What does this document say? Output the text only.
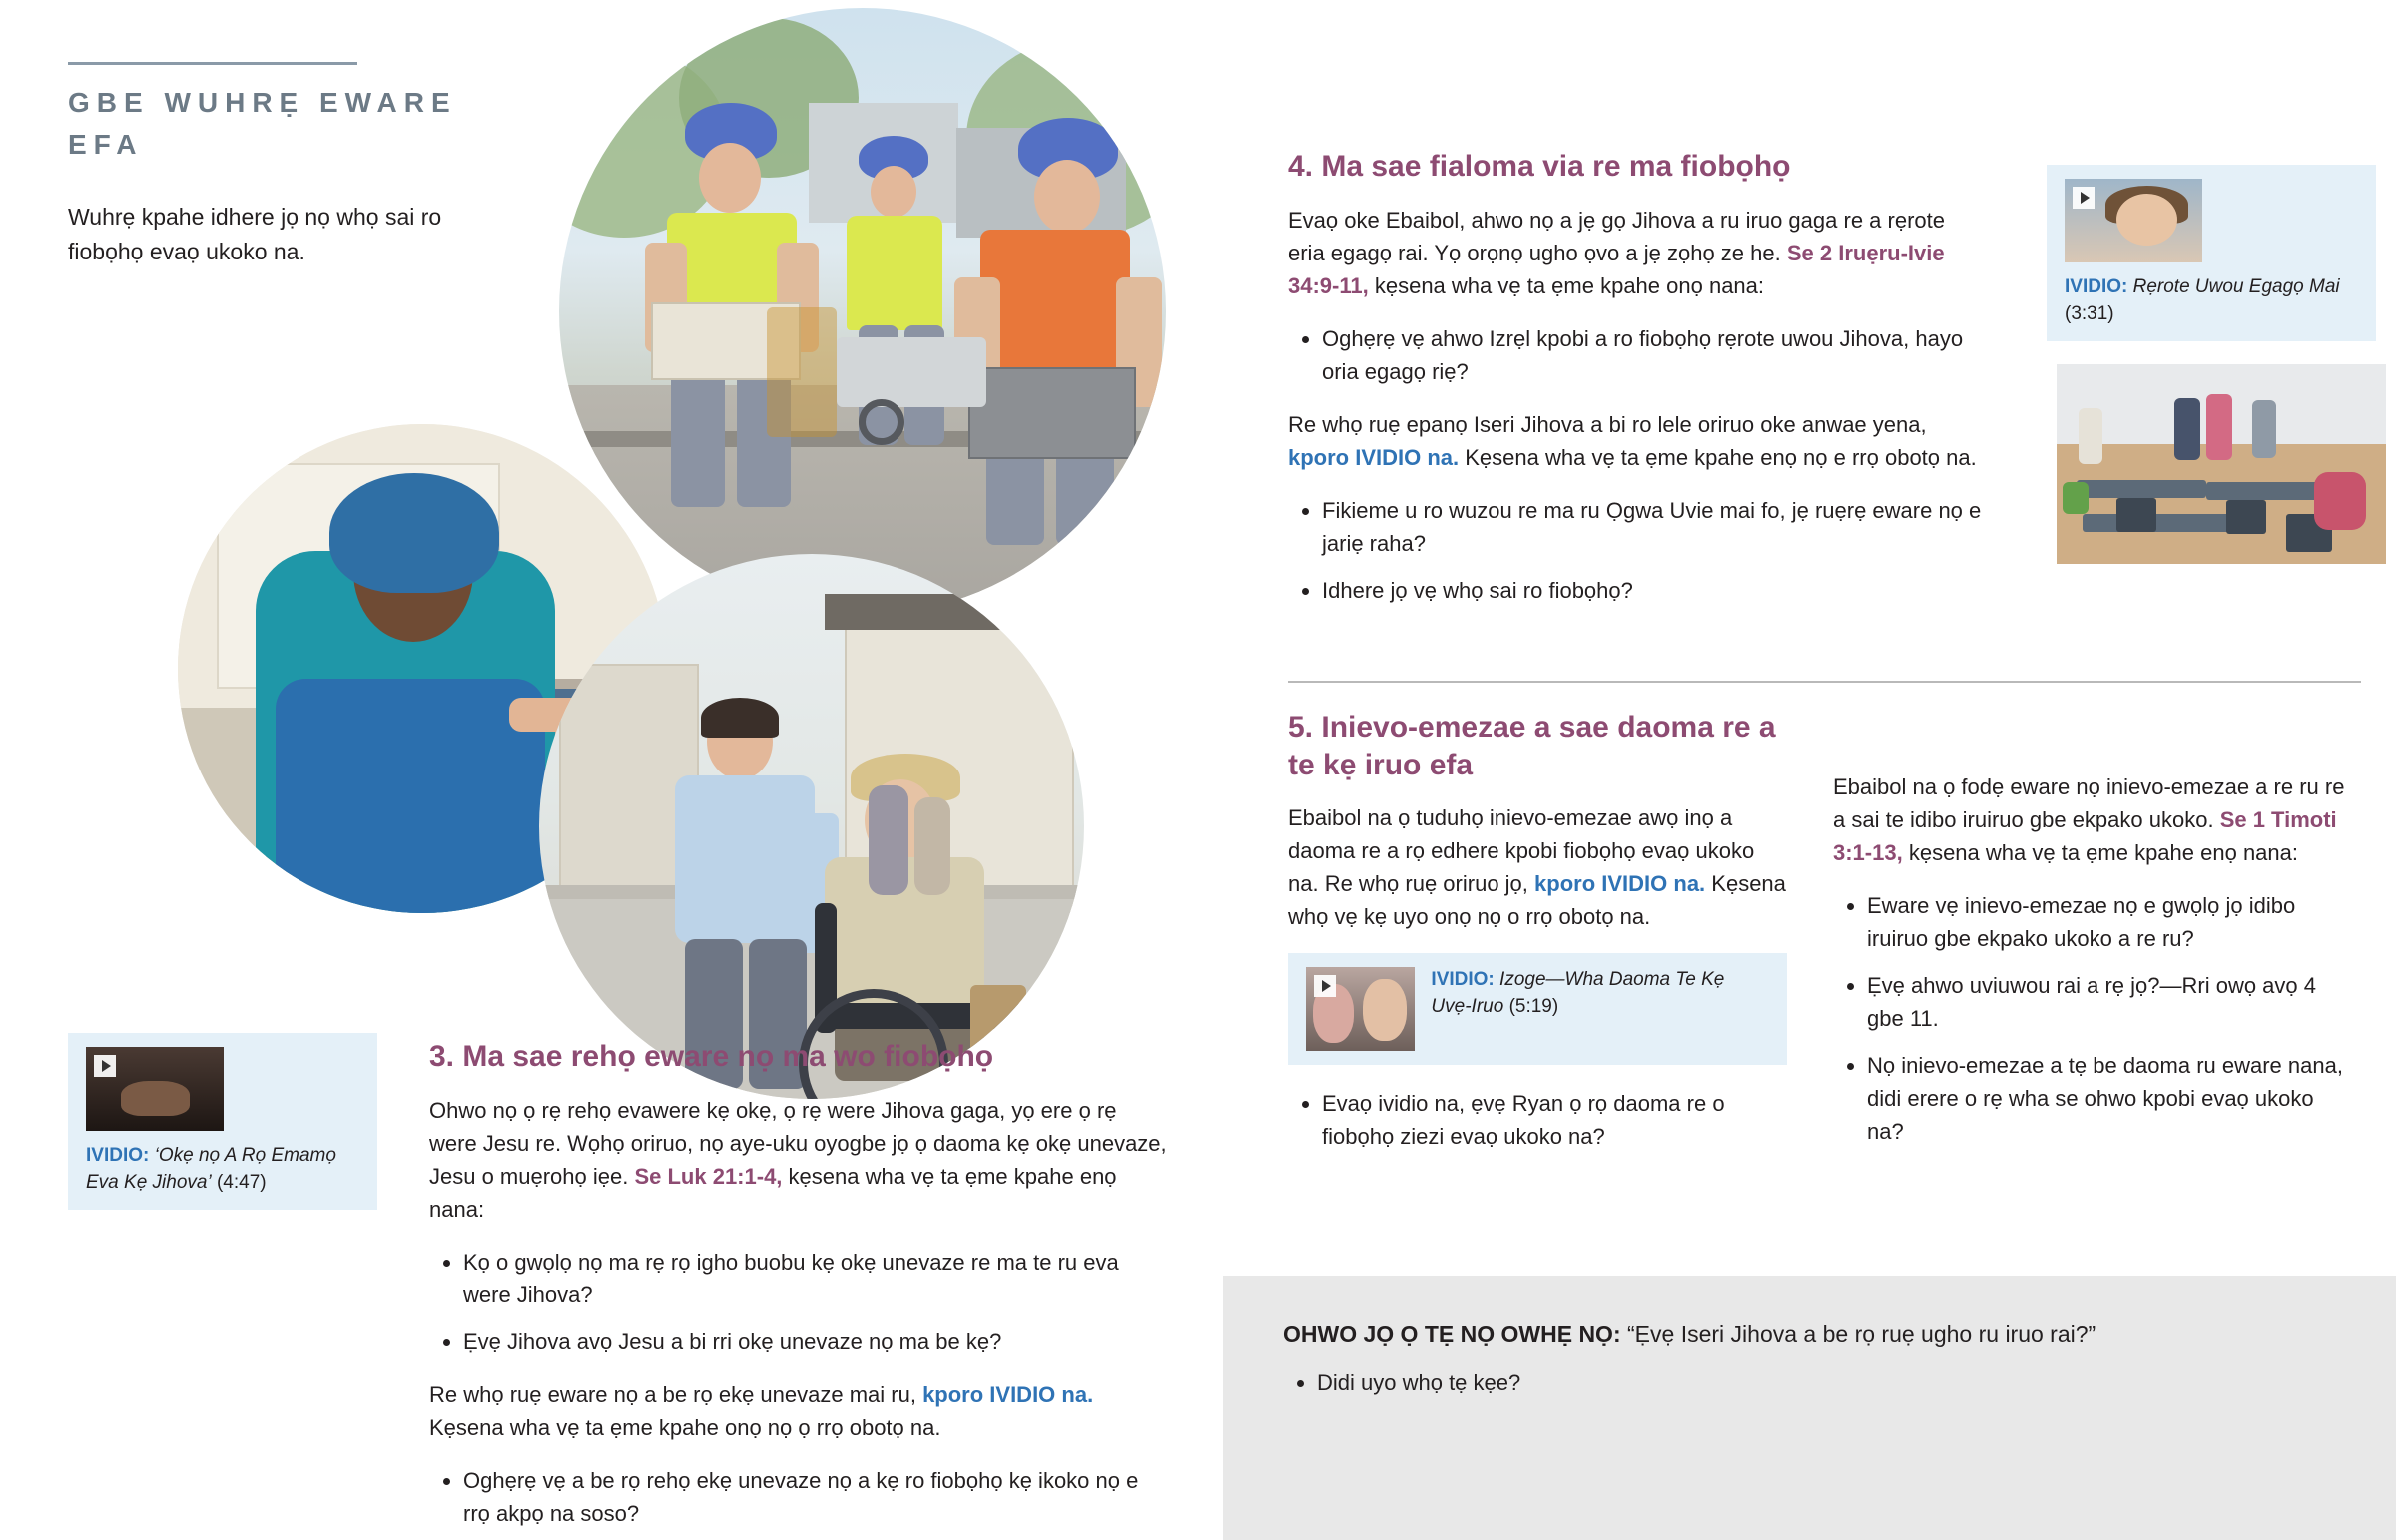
GBE WUHRẸ EWARE EFA
Wuhrẹ kpahe idhere jọ nọ whọ sai ro fiobọhọ evaọ ukoko na.
IVIDIO: ‘Okẹ nọ A Rọ Emamọ Eva Kẹ Jihova’ (4:47)
3. Ma sae rehọ eware nọ ma wo fiobọhọ

Ohwo nọ ọ rẹ rehọ evawere kẹ okẹ, ọ rẹ were Jihova gaga, yọ ere ọ rẹ were Jesu re. Wọhọ oriruo, nọ aye-uku oyogbe jọ ọ daoma kẹ okẹ unevaze, Jesu o muẹrohọ iẹe. Se Luk 21:1-4, kẹsena wha vẹ ta ẹme kpahe enọ nana:

• Kọ o gwọlọ nọ ma rẹ rọ igho buobu kẹ okẹ unevaze re ma te ru eva were Jihova?
• Ẹvẹ Jihova avọ Jesu a bi rri okẹ unevaze nọ ma be kẹ?

Re whọ ruẹ eware nọ a be rọ ekẹ unevaze mai ru, kporo IVIDIO na. Kẹsena wha vẹ ta ẹme kpahe onọ nọ ọ rrọ obotọ na.

• Oghẹrẹ vẹ a be rọ rehọ ekẹ unevaze nọ a kẹ ro fiobọhọ kẹ ikoko nọ e rrọ akpọ na soso?
4. Ma sae fialoma via re ma fiobọhọ

Evaọ oke Ebaibol, ahwo nọ a jẹ gọ Jihova a ru iruo gaga re a rẹrote eria egagọ rai. Yọ orọnọ ugho ọvo a jẹ zọhọ ze he. Se 2 Iruẹru-Ivie 34:9-11, kẹsena wha vẹ ta ẹme kpahe onọ nana:

• Oghẹrẹ vẹ ahwo Izrẹl kpobi a ro fiobọhọ rẹrote uwou Jihova, hayo oria egagọ riẹ?

Re whọ ruẹ epanọ Iseri Jihova a bi ro lele oriruo oke anwae yena, kporo IVIDIO na. Kẹsena wha vẹ ta ẹme kpahe enọ nọ e rrọ obotọ na.

• Fikieme u ro wuzou re ma ru Ọgwa Uvie mai fo, jẹ ruẹrẹ eware nọ e jariẹ raha?
• Idhere jọ vẹ whọ sai ro fiobọhọ?
IVIDIO: Rẹrote Uwou Egagọ Mai (3:31)
5. Inievo-emezae a sae daoma re a te kẹ iruo efa

Ebaibol na ọ tuduhọ inievo-emezae awọ inọ a daoma re a rọ edhere kpobi fiobọhọ evaọ ukoko na. Re whọ ruẹ oriruo jọ, kporo IVIDIO na. Kẹsena whọ vẹ kẹ uyo onọ nọ o rrọ obotọ na.

IVIDIO: Izoge—Wha Daoma Te Kẹ Uvẹ-Iruo (5:19)
• Evaọ ividio na, ẹvẹ Ryan ọ rọ daoma re o fiobọhọ ziezi evaọ ukoko na?

Ebaibol na ọ fodẹ eware nọ inievo-emezae a re ru re a sai te idibo iruiruo gbe ekpako ukoko. Se 1 Timoti 3:1-13, kẹsena wha vẹ ta ẹme kpahe enọ nana:

• Eware vẹ inievo-emezae nọ e gwọlọ jọ idibo iruiruo gbe ekpako ukoko a re ru?
• Ẹvẹ ahwo uviuwou rai a rẹ jọ?—Rri owọ avọ 4 gbe 11.
• Nọ inievo-emezae a tẹ be daoma ru eware nana, didi erere o rẹ wha se ohwo kpobi evaọ ukoko na?
OHWO JỌ Ọ TẸ NỌ OWHẸ NỌ: “Ẹvẹ Iseri Jihova a be rọ ruẹ ugho ru iruo rai?”
• Didi uyo whọ tẹ kẹe?
